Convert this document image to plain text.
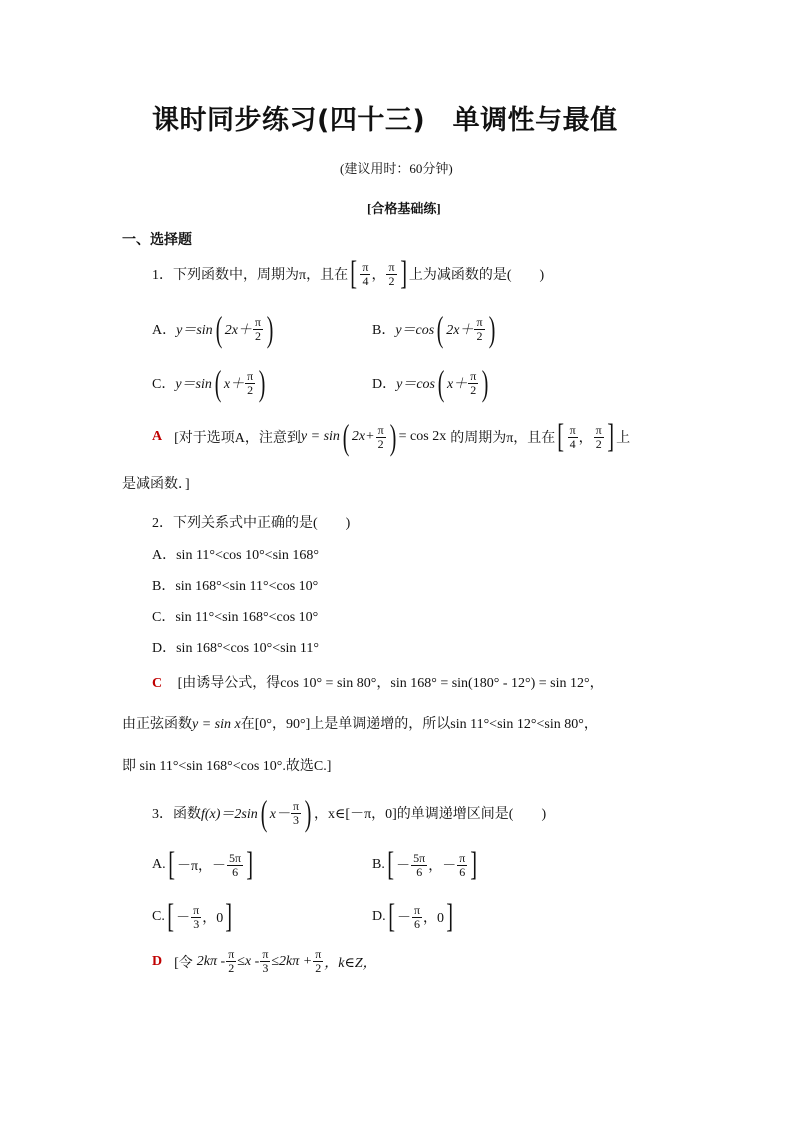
课时同步练习(四十三)　单调性与最值
(建议用时：60分钟)
[合格基础练]
一、选择题
1．下列函数中，周期为π，且在 [ $\frac{\pi}{4}$ ， $\frac{\pi}{2}$ ] 上为减函数的是(　　)
A． y＝sin ( $2x+ \frac{\pi}{2}$ )	B． y＝cos ( $2x+ \frac{\pi}{2}$ )
C． y＝sin ( $x+ \frac{\pi}{2}$ )	D． y＝cos ( $x+ \frac{\pi}{2}$ )
A [对于选项A，注意到 y = sin ( $2x+ \frac{\pi}{2}$ ) = cos 2x 的周期为 π， 且在 [ $\frac{\pi}{4}$ ， $\frac{\pi}{2}$ ] 上
是减函数．]
2．下列关系式中正确的是(　　)
A．sin 11°<cos 10°<sin 168°
B．sin 168°<sin 11°<cos 10°
C．sin 11°<sin 168°<cos 10°
D．sin 168°<cos 10°<sin 11°
C [由诱导公式，得cos 10° = sin 80°，sin 168° = sin(180° - 12°) = sin 12°，
由正弦函数y = sin x在[0°，90°]上是单调递增的，所以sin 11°<sin 12°<sin 80°，
即 sin 11°<sin 168°<cos 10°.故选C.]
3．函数 f(x)＝2sin ( $x- \frac{\pi}{3}$ ) ，x∈[－π，0]的单调递增区间是(　　)
A. [ －π，－ $\frac{5\pi}{6}$ ]	B. [ － $\frac{5\pi}{6}$ ，－ $\frac{\pi}{6}$ ]
C. [ － $\frac{\pi}{3}$ ，0 ]	D. [ － $\frac{\pi}{6}$ ，0 ]
D [令 $2k\pi - \frac{\pi}{2} \le x - \frac{\pi}{3} \le 2k\pi + \frac{\pi}{2}$ ，k∈Z，
